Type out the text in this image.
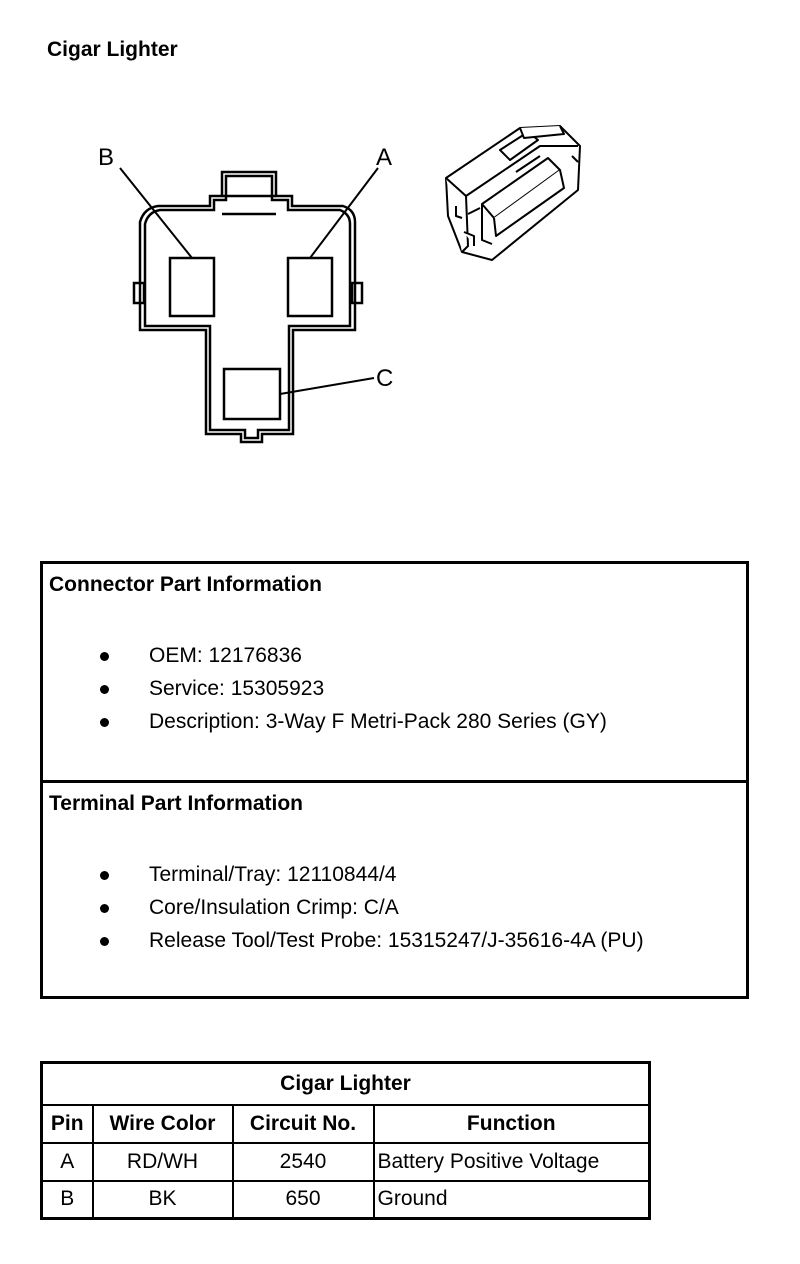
Cigar Lighter
B	A
C
Connector Part Information
OEM: 12176836
Service: 15305923
Description: 3-Way F Metri-Pack 280 Series (GY)
Terminal Part Information
Terminal/Tray: 12110844/4
Core/Insulation Crimp: C/A
Release Tool/Test Probe: 15315247/J-35616-4A (PU)
Cigar Lighter			
Pin	Wire Color	Circuit No.	Function
A	RD/WH	2540	Battery Positive Voltage
B	BK	650	Ground
